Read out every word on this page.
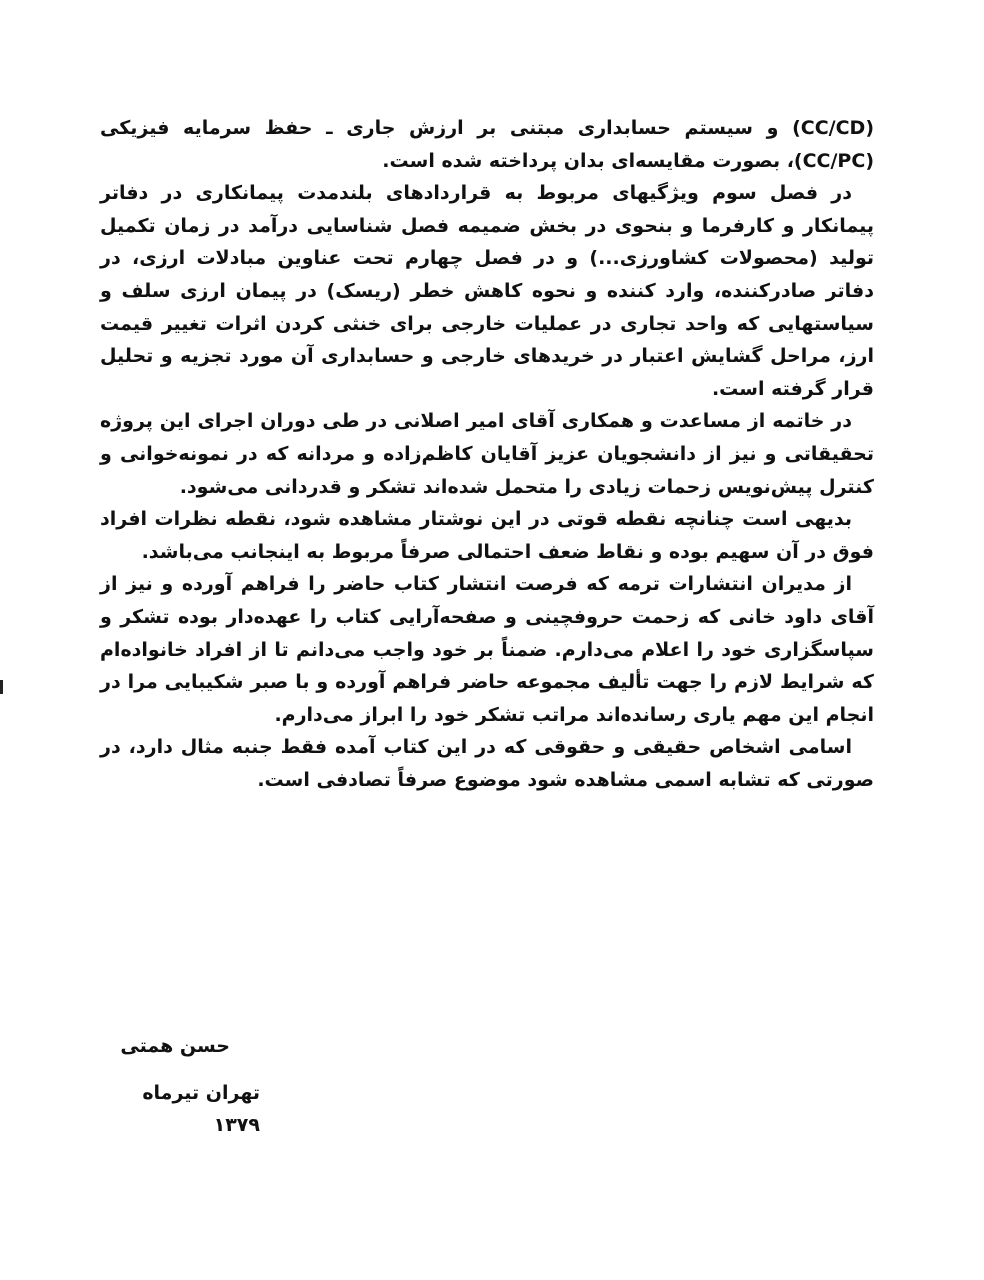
(CC/CD) و سیستم حسابداری مبتنی بر ارزش جاری ـ حفظ سرمایه فیزیکی (CC/PC)، بصورت مقایسه‌ای بدان پرداخته شده است.

در فصل سوم ویژگیهای مربوط به قراردادهای بلندمدت پیمانکاری در دفاتر پیمانکار و کارفرما و بنحوی در بخش ضمیمه فصل شناسایی درآمد در زمان تکمیل تولید (محصولات کشاورزی...) و در فصل چهارم تحت عناوین مبادلات ارزی، در دفاتر صادرکننده، وارد کننده و نحوه کاهش خطر (ریسک) در پیمان ارزی سلف و سیاستهایی که واحد تجاری در عملیات خارجی برای خنثی کردن اثرات تغییر قیمت ارز، مراحل گشایش اعتبار در خریدهای خارجی و حسابداری آن مورد تجزیه و تحلیل قرار گرفته است.

در خاتمه از مساعدت و همکاری آقای امیر اصلانی در طی دوران اجرای این پروژه تحقیقاتی و نیز از دانشجویان عزیز آقایان کاظم‌زاده و مردانه که در نمونه‌خوانی و کنترل پیش‌نویس زحمات زیادی را متحمل شده‌اند تشکر و قدردانی می‌شود.

بدیهی است چنانچه نقطه قوتی در این نوشتار مشاهده شود، نقطه نظرات افراد فوق در آن سهیم بوده و نقاط ضعف احتمالی صرفاً مربوط به اینجانب می‌باشد.

از مدیران انتشارات ترمه که فرصت انتشار کتاب حاضر را فراهم آورده و نیز از آقای داود خانی که زحمت حروفچینی و صفحه‌آرایی کتاب را عهده‌دار بوده تشکر و سپاسگزاری خود را اعلام می‌دارم. ضمناً بر خود واجب می‌دانم تا از افراد خانواده‌ام که شرایط لازم را جهت تألیف مجموعه حاضر فراهم آورده و با صبر شکیبایی مرا در انجام این مهم یاری رسانده‌اند مراتب تشکر خود را ابراز می‌دارم.

اسامی اشخاص حقیقی و حقوقی که در این کتاب آمده فقط جنبه مثال دارد، در صورتی که تشابه اسمی مشاهده شود موضوع صرفاً تصادفی است.

حسن همتی
تهران تیرماه ۱۳۷۹
